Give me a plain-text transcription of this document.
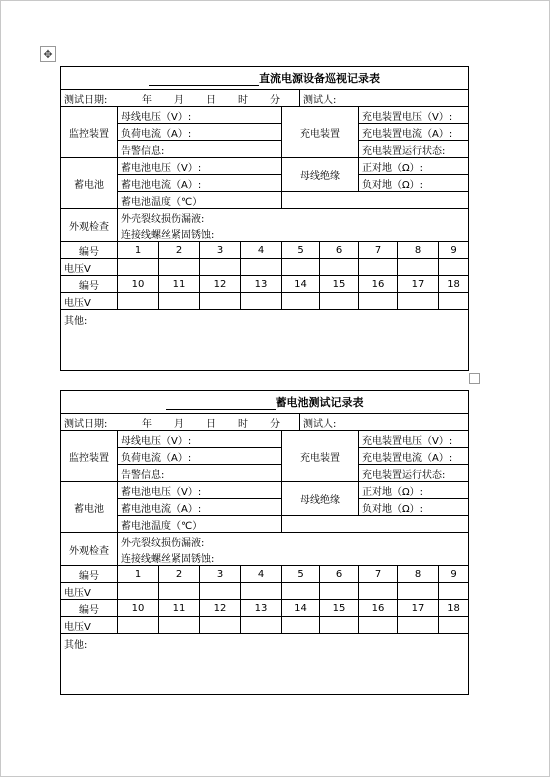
✥
直流电源设备巡视记录表										
测试日期: 年 月 日 时 分						测试人:				
监控装置	母线电压（V）:				充电装置			充电装置电压（V）:		
	负荷电流（A）:							充电装置电流（A）:		
	告警信息:							充电装置运行状态:		
蓄电池	蓄电池电压（V）:				母线绝缘			正对地（Ω）:		
	蓄电池电流（A）:							负对地（Ω）:		
	蓄电池温度（℃）									
外观检查	外壳裂纹损伤漏液:									
	连接线螺丝紧固锈蚀:									
编号	1	2	3	4	5		6	7	8	9
电压V										
编号	10	11	12	13	14		15	16	17	18
电压V										
其他:										
蓄电池测试记录表										
测试日期: 年 月 日 时 分						测试人:				
监控装置	母线电压（V）:				充电装置			充电装置电压（V）:		
	负荷电流（A）:							充电装置电流（A）:		
	告警信息:							充电装置运行状态:		
蓄电池	蓄电池电压（V）:				母线绝缘			正对地（Ω）:		
	蓄电池电流（A）:							负对地（Ω）:		
	蓄电池温度（℃）									
外观检查	外壳裂纹损伤漏液:									
	连接线螺丝紧固锈蚀:									
编号	1	2	3	4	5		6	7	8	9
电压V										
编号	10	11	12	13	14		15	16	17	18
电压V										
其他:										
